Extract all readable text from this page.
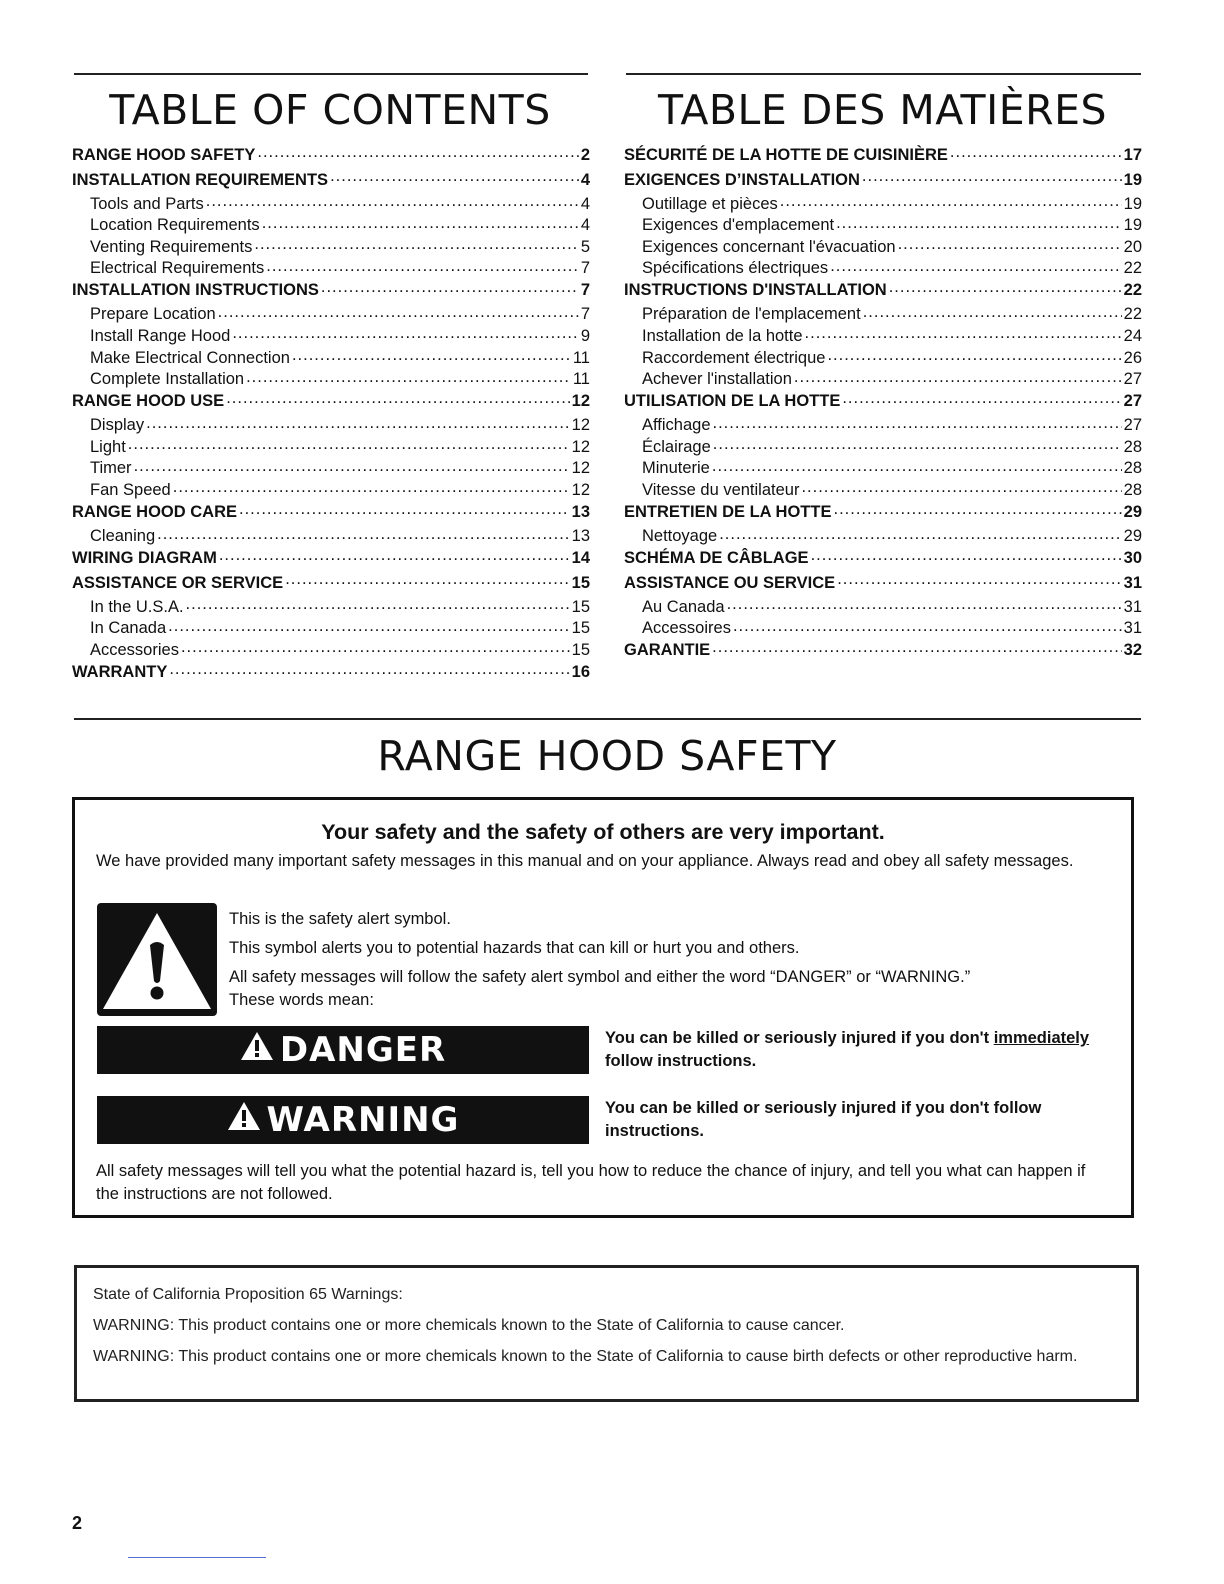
TABLE OF CONTENTS
RANGE HOOD SAFETY .....	2
INSTALLATION REQUIREMENTS .....	4
Tools and Parts .....	4
Location Requirements .....	4
Venting Requirements .....	5
Electrical Requirements .....	7
INSTALLATION INSTRUCTIONS .....	7
Prepare Location .....	7
Install Range Hood .....	9
Make Electrical Connection .....	11
Complete Installation .....	11
RANGE HOOD USE .....	12
Display .....	12
Light .....	12
Timer .....	12
Fan Speed .....	12
RANGE HOOD CARE .....	13
Cleaning .....	13
WIRING DIAGRAM .....	14
ASSISTANCE OR SERVICE .....	15
In the U.S.A. .....	15
In Canada .....	15
Accessories .....	15
WARRANTY .....	16
TABLE DES MATIÈRES
SÉCURITÉ DE LA HOTTE DE CUISINIÈRE .....	17
EXIGENCES D’INSTALLATION .....	19
Outillage et pièces .....	19
Exigences d'emplacement .....	19
Exigences concernant l'évacuation .....	20
Spécifications électriques .....	22
INSTRUCTIONS D'INSTALLATION .....	22
Préparation de l'emplacement .....	22
Installation de la hotte .....	24
Raccordement électrique .....	26
Achever l'installation .....	27
UTILISATION DE LA HOTTE .....	27
Affichage .....	27
Éclairage .....	28
Minuterie .....	28
Vitesse du ventilateur .....	28
ENTRETIEN DE LA HOTTE .....	29
Nettoyage .....	29
SCHÉMA DE CÂBLAGE .....	30
ASSISTANCE OU SERVICE .....	31
Au Canada .....	31
Accessoires .....	31
GARANTIE .....	32
RANGE HOOD SAFETY

Your safety and the safety of others are very important.

We have provided many important safety messages in this manual and on your appliance. Always read and obey all safety messages.

This is the safety alert symbol.

This symbol alerts you to potential hazards that can kill or hurt you and others.

All safety messages will follow the safety alert symbol and either the word “DANGER” or “WARNING.”

These words mean:

DANGER	You can be killed or seriously injured if you don't immediately follow instructions.

WARNING	You can be killed or seriously injured if you don't follow instructions.

All safety messages will tell you what the potential hazard is, tell you how to reduce the chance of injury, and tell you what can happen if the instructions are not followed.

State of California Proposition 65 Warnings:

WARNING: This product contains one or more chemicals known to the State of California to cause cancer.

WARNING: This product contains one or more chemicals known to the State of California to cause birth defects or other reproductive harm.

2
